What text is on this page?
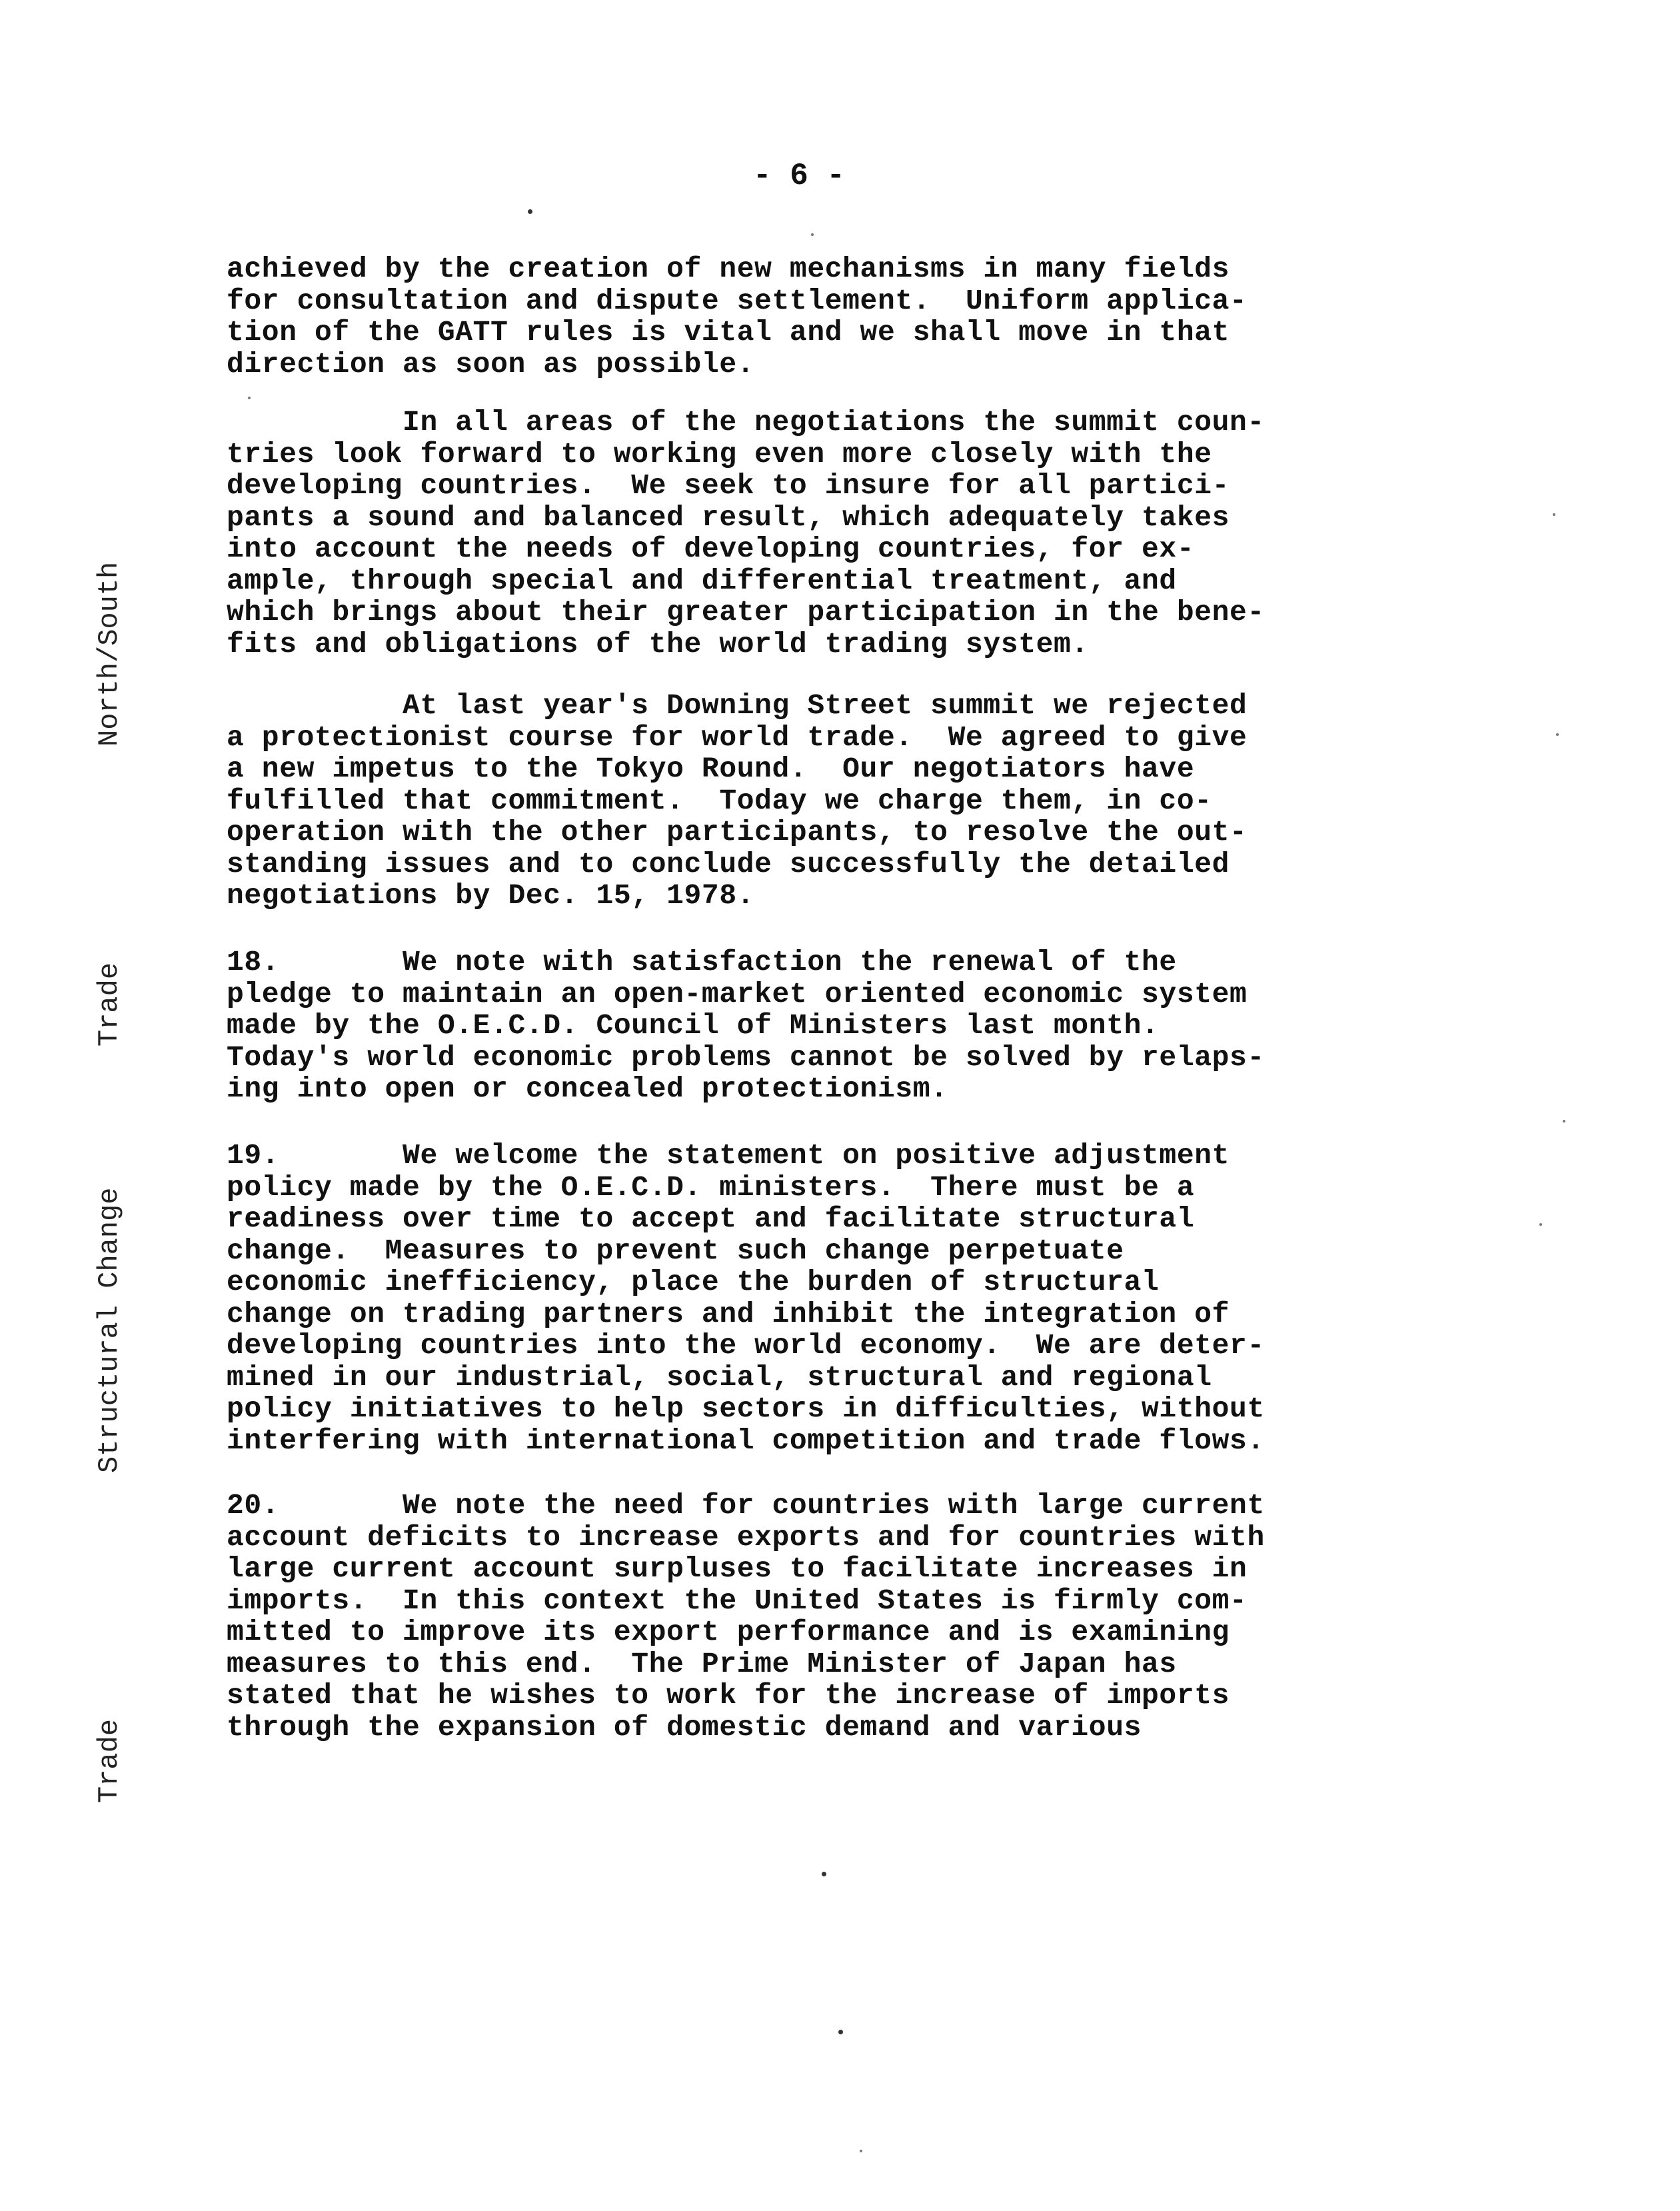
- 6 -
North/South
Trade
Structural Change
Trade
achieved by the creation of new mechanisms in many fields
for consultation and dispute settlement.  Uniform applica-
tion of the GATT rules is vital and we shall move in that
direction as soon as possible.
In all areas of the negotiations the summit coun-
tries look forward to working even more closely with the
developing countries.  We seek to insure for all partici-
pants a sound and balanced result, which adequately takes
into account the needs of developing countries, for ex-
ample, through special and differential treatment, and
which brings about their greater participation in the bene-
fits and obligations of the world trading system.
At last year's Downing Street summit we rejected
a protectionist course for world trade.  We agreed to give
a new impetus to the Tokyo Round.  Our negotiators have
fulfilled that commitment.  Today we charge them, in co-
operation with the other participants, to resolve the out-
standing issues and to conclude successfully the detailed
negotiations by Dec. 15, 1978.
18.       We note with satisfaction the renewal of the
pledge to maintain an open-market oriented economic system
made by the O.E.C.D. Council of Ministers last month.
Today's world economic problems cannot be solved by relaps-
ing into open or concealed protectionism.
19.       We welcome the statement on positive adjustment
policy made by the O.E.C.D. ministers.  There must be a
readiness over time to accept and facilitate structural
change.  Measures to prevent such change perpetuate
economic inefficiency, place the burden of structural
change on trading partners and inhibit the integration of
developing countries into the world economy.  We are deter-
mined in our industrial, social, structural and regional
policy initiatives to help sectors in difficulties, without
interfering with international competition and trade flows.
20.       We note the need for countries with large current
account deficits to increase exports and for countries with
large current account surpluses to facilitate increases in
imports.  In this context the United States is firmly com-
mitted to improve its export performance and is examining
measures to this end.  The Prime Minister of Japan has
stated that he wishes to work for the increase of imports
through the expansion of domestic demand and various
